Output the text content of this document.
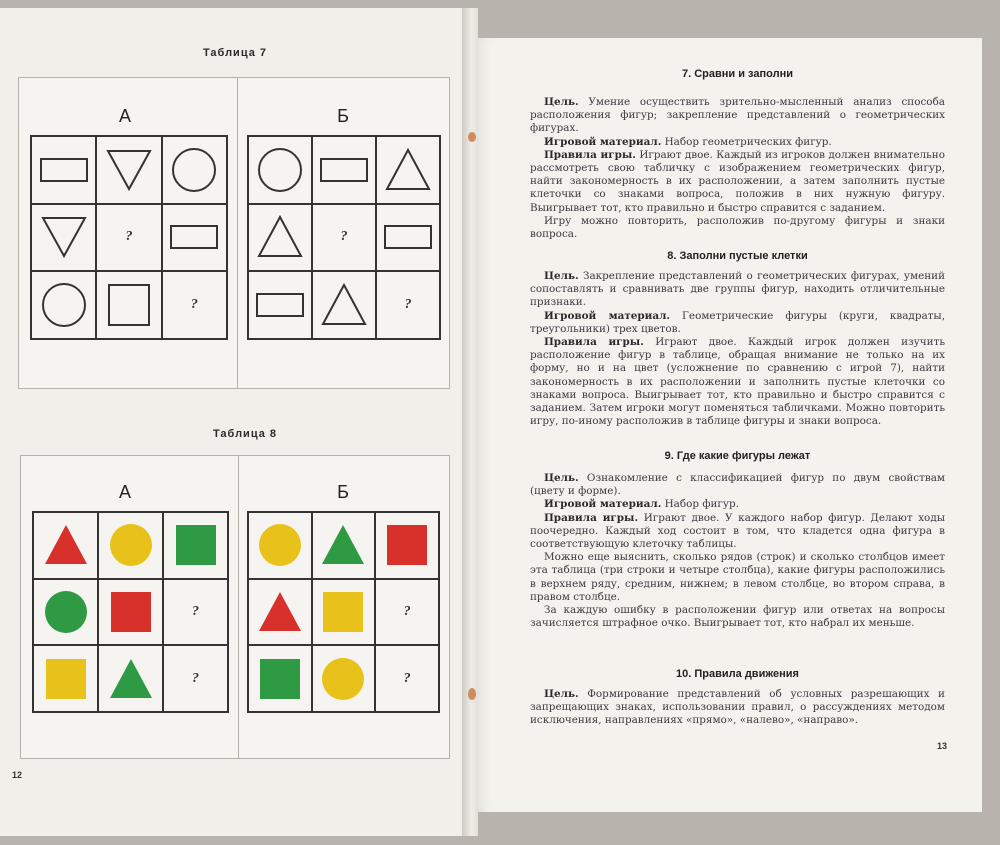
Таблица 7
А	Б
?
?
?
?
Таблица 8
А	Б
?
?
?
?
12
7. Сравни и заполни

Цель. Умение осуществить зрительно-мысленный анализ способа расположения фигур; закрепление представлений о геометрических фигурах.

Игровой материал. Набор геометрических фигур.

Правила игры. Играют двое. Каждый из игроков должен внимательно рассмотреть свою табличку с изображением геометрических фигур, найти закономерность в их расположении, а затем заполнить пустые клеточки со знаками вопроса, положив в них нужную фигуру. Выигрывает тот, кто правильно и быстро справится с заданием.

Игру можно повторить, расположив по-другому фигуры и знаки вопроса.

8. Заполни пустые клетки

Цель. Закрепление представлений о геометрических фигурах, умений сопоставлять и сравнивать две группы фигур, находить отличительные признаки.

Игровой материал. Геометрические фигуры (круги, квадраты, треугольники) трех цветов.

Правила игры. Играют двое. Каждый игрок должен изучить расположение фигур в таблице, обращая внимание не только на их форму, но и на цвет (усложнение по сравнению с игрой 7), найти закономерность в их расположении и заполнить пустые клеточки со знаками вопроса. Выигрывает тот, кто правильно и быстро справится с заданием. Затем игроки могут поменяться табличками. Можно повторить игру, по-иному расположив в таблице фигуры и знаки вопроса.

9. Где какие фигуры лежат

Цель. Ознакомление с классификацией фигур по двум свойствам (цвету и форме).

Игровой материал. Набор фигур.

Правила игры. Играют двое. У каждого набор фигур. Делают ходы поочередно. Каждый ход состоит в том, что кладется одна фигура в соответствующую клеточку таблицы.

Можно еще выяснить, сколько рядов (строк) и сколько столбцов имеет эта таблица (три строки и четыре столбца), какие фигуры расположились в верхнем ряду, средним, нижнем; в левом столбце, во втором справа, в правом столбце.

За каждую ошибку в расположении фигур или ответах на вопросы зачисляется штрафное очко. Выигрывает тот, кто набрал их меньше.

10. Правила движения

Цель. Формирование представлений об условных разрешающих и запрещающих знаках, использовании правил, о рассуждениях методом исключения, направлениях «прямо», «налево», «направо».

13
